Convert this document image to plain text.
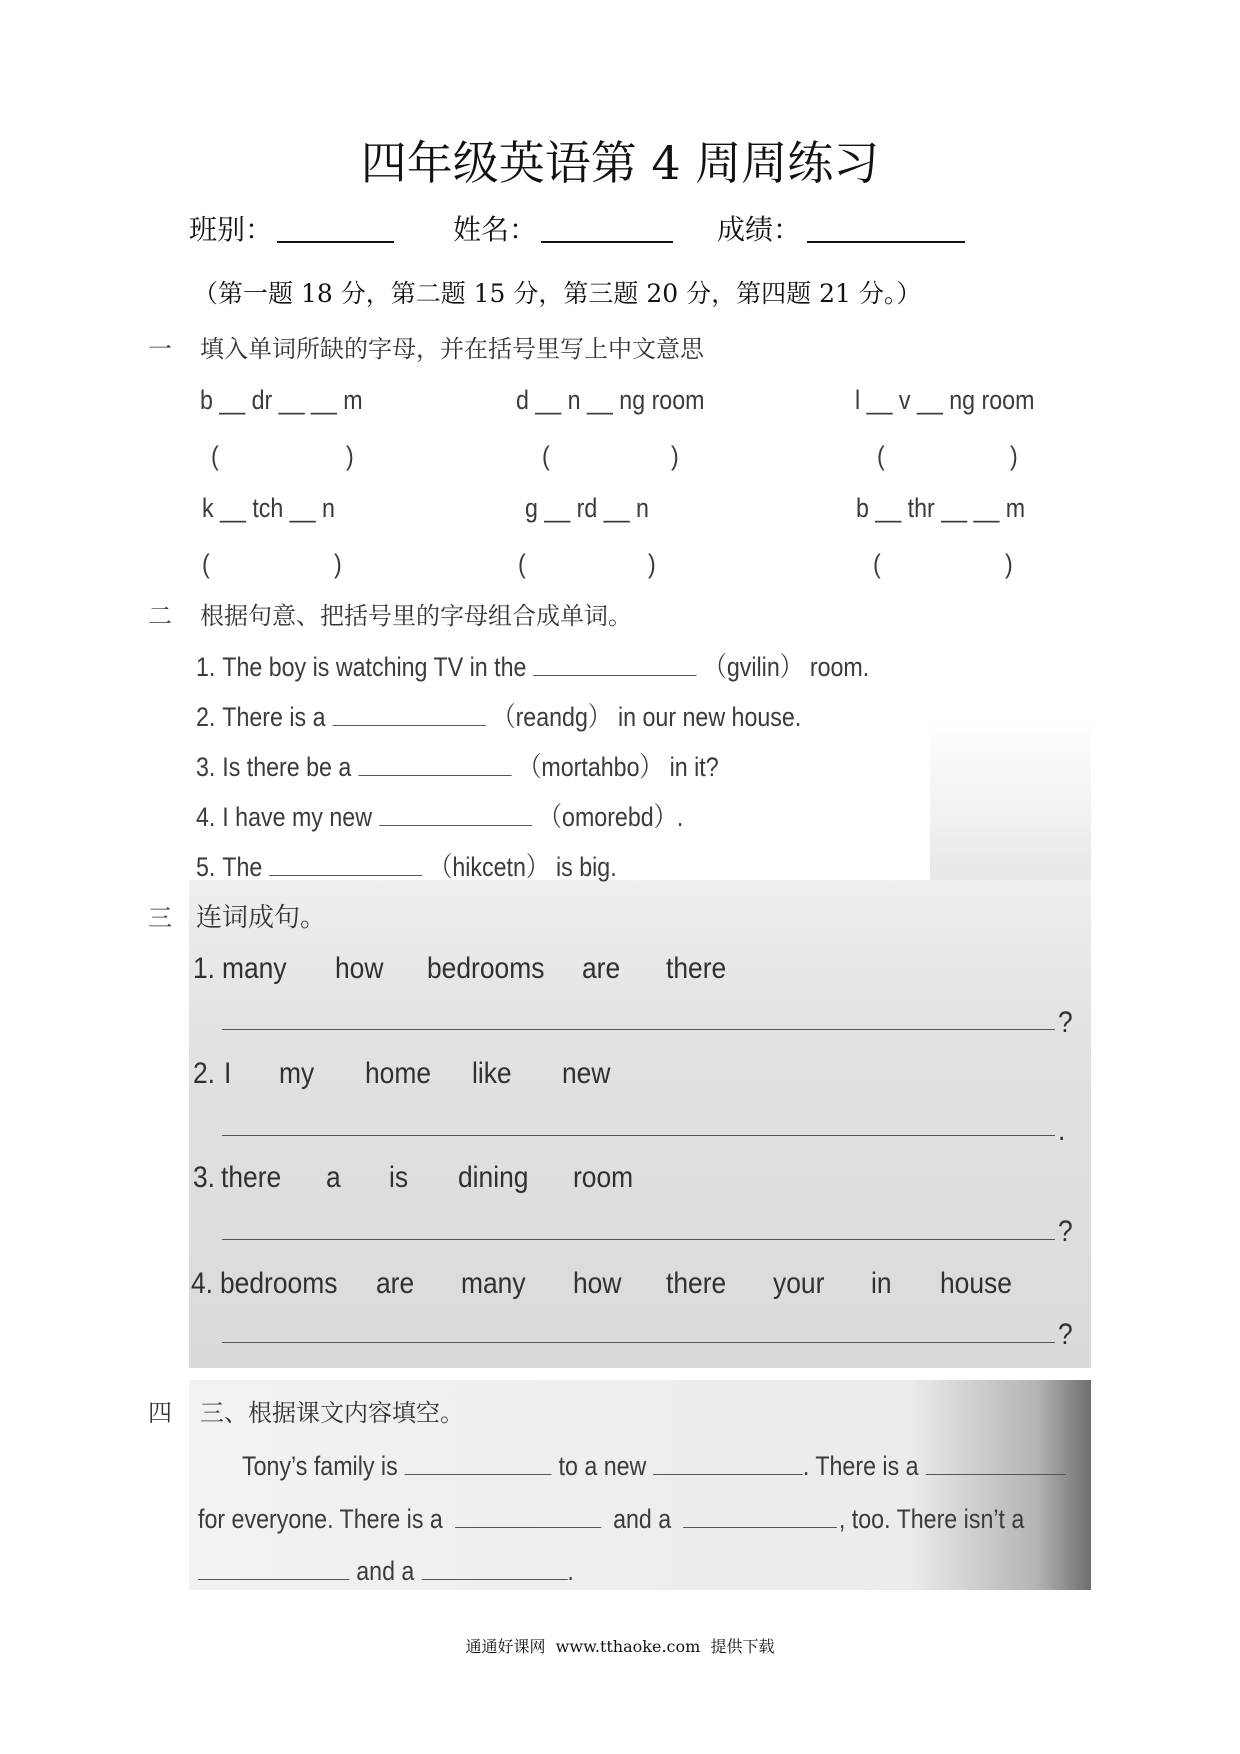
四年级英语第 4 周周练习
班别：	姓名：	成绩：
（第一题 18 分，第二题 15 分，第三题 20 分，第四题 21 分。）
一 填入单词所缺的字母，并在括号里写上中文意思
b __ dr __ __ m	d __ n __ ng room	l __ v __ ng room
(	)	(	)	(	)
k __ tch __ n	g __ rd __ n	b __ thr __ __ m
(	)	(	)	(	)
二 根据句意、把括号里的字母组合成单词。
1. The boy is watching TV in the	（gvilin） room.
2. There is a	（reandg） in our new house.
3. Is there be a	（mortahbo） in it?
4. I have my new	（omorebd） .
5. The	（hikcetn） is big.
三 连词成句。
1. many how bedrooms are there
?
2. I my home like new
.
3. there a is dining room
?
4. bedrooms are many how there your in house
?
四 三、根据课文内容填空。
Tony’s family is	to a new	. There is a
for everyone. There is a	and a	, too. There isn’t a
and a	.
通通好课网  www.tthaoke.com  提供下载
